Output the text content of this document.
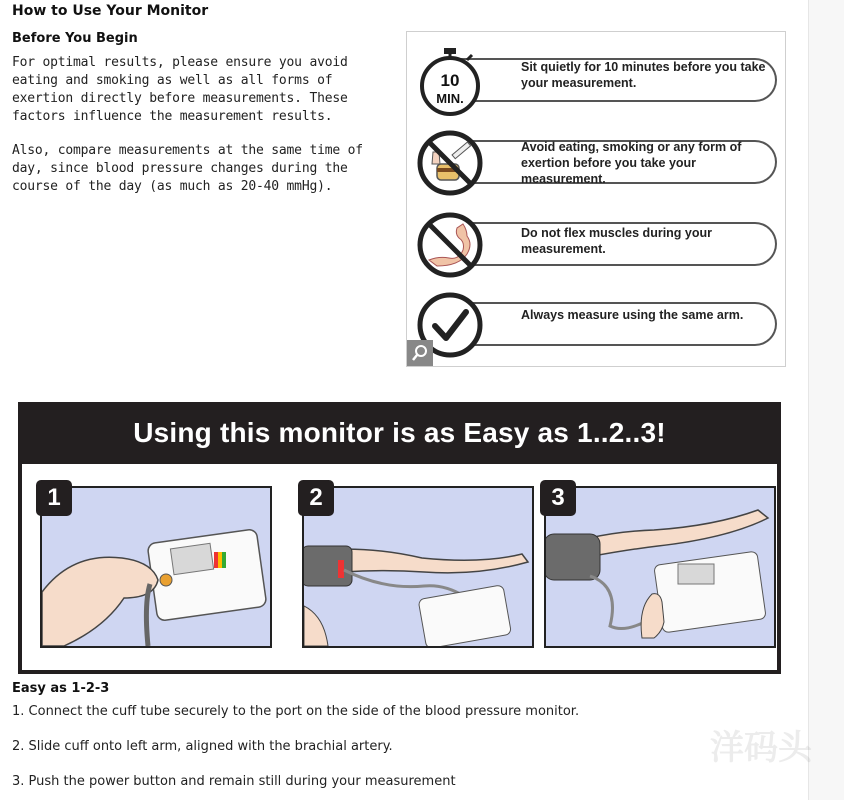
How to Use Your Monitor
Before You Begin
For optimal results, please ensure you avoid
eating and smoking as well as all forms of
exertion directly before measurements. These
factors influence the measurement results.
Also, compare measurements at the same time of
day, since blood pressure changes during the
course of the day (as much as 20-40 mmHg).
10
MIN.
Sit quietly for 10 minutes before you take your measurement.
Avoid eating, smoking or any form of exertion before you take your measurement.
Do not flex muscles during your measurement.
Always measure using the same arm.
Using this monitor is as Easy as 1..2..3!
1	2	3
Easy as 1-2-3
1. Connect the cuff tube securely to the port on the side of the blood pressure monitor.
2. Slide cuff onto left arm, aligned with the brachial artery.
3. Push the power button and remain still during your measurement
洋码头
